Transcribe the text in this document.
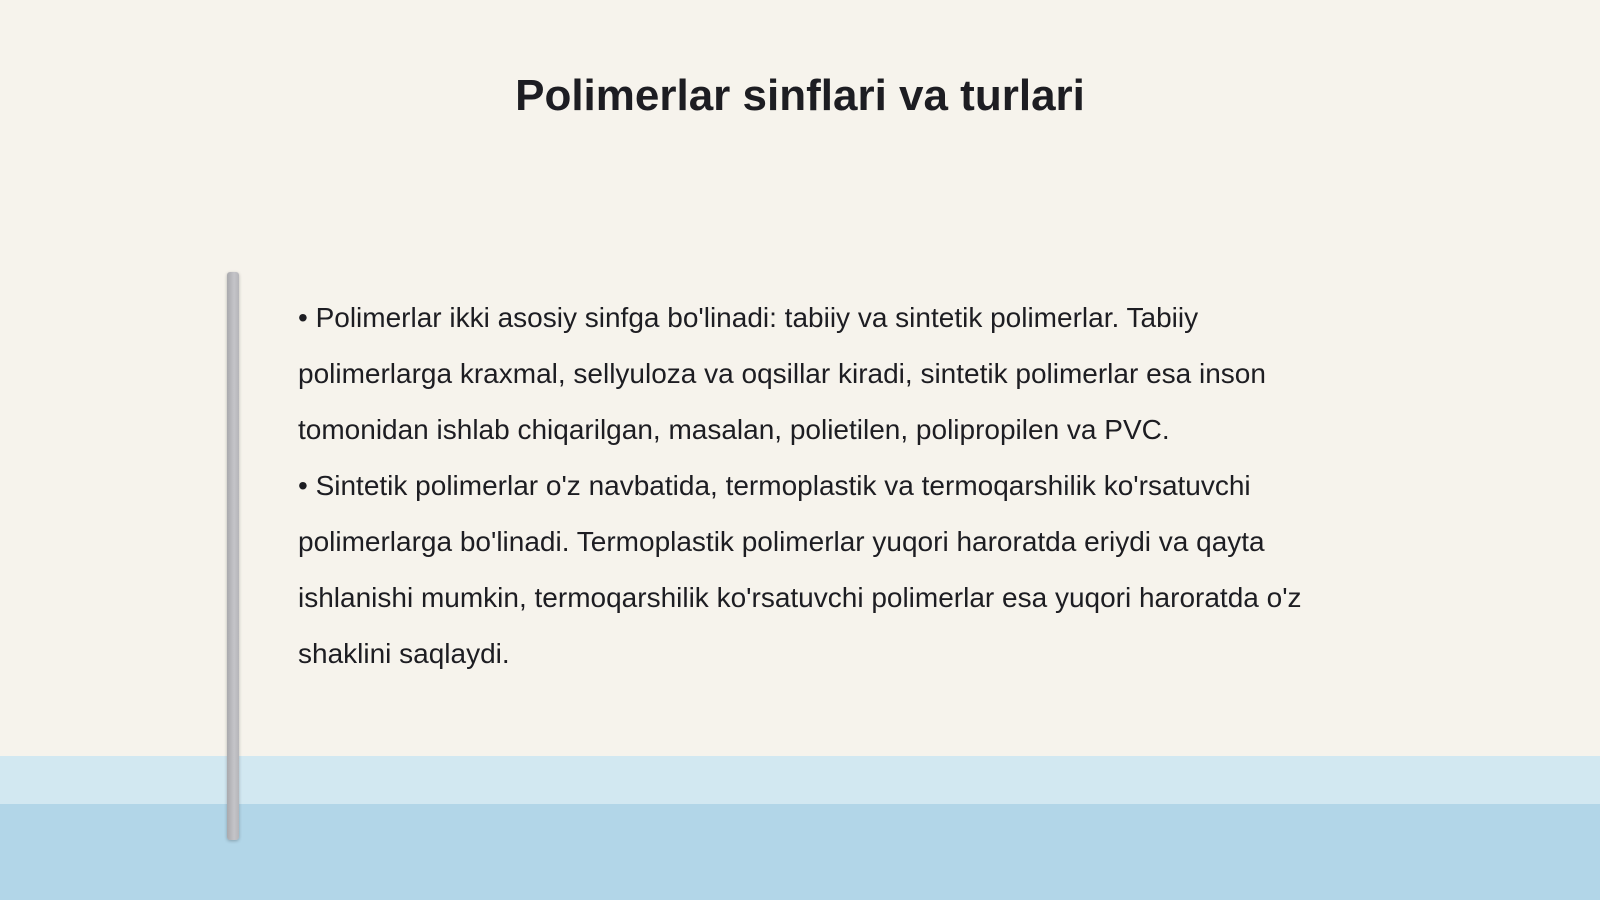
Polimerlar sinflari va turlari

• Polimerlar ikki asosiy sinfga bo'linadi: tabiiy va sintetik polimerlar. Tabiiy polimerlarga kraxmal, sellyuloza va oqsillar kiradi, sintetik polimerlar esa inson tomonidan ishlab chiqarilgan, masalan, polietilen, polipropilen va PVC.

• Sintetik polimerlar o'z navbatida, termoplastik va termoqarshilik ko'rsatuvchi polimerlarga bo'linadi. Termoplastik polimerlar yuqori haroratda eriydi va qayta ishlanishi mumkin, termoqarshilik ko'rsatuvchi polimerlar esa yuqori haroratda o'z shaklini saqlaydi.
